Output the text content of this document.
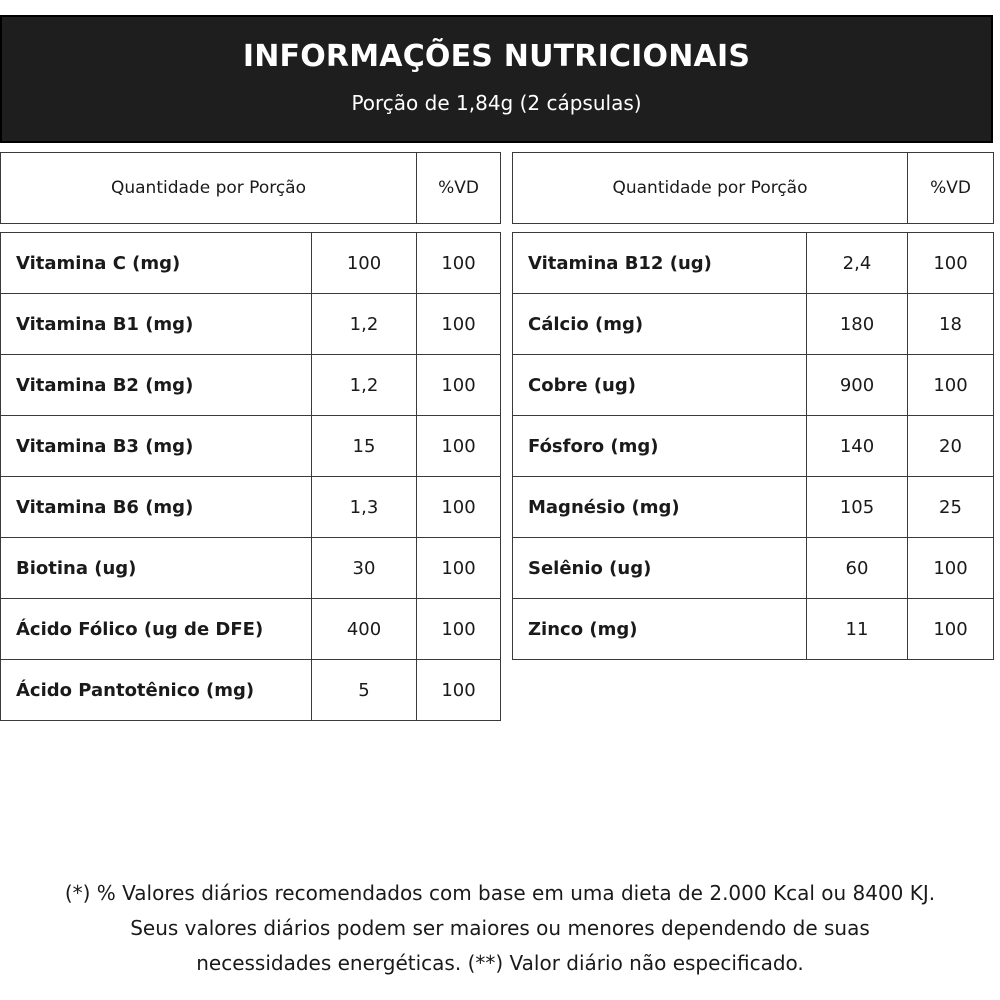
INFORMAÇÕES NUTRICIONAIS
Porção de 1,84g (2 cápsulas)
Quantidade por Porção	%VD	Quantidade por Porção	%VD
Vitamina C (mg)	100	100
Vitamina B1 (mg)	1,2	100
Vitamina B2 (mg)	1,2	100
Vitamina B3 (mg)	15	100
Vitamina B6 (mg)	1,3	100
Biotina (ug)	30	100
Ácido Fólico (ug de DFE)	400	100
Ácido Pantotênico (mg)	5	100
Vitamina B12 (ug)	2,4	100
Cálcio (mg)	180	18
Cobre (ug)	900	100
Fósforo (mg)	140	20
Magnésio (mg)	105	25
Selênio (ug)	60	100
Zinco (mg)	11	100
(*) % Valores diários recomendados com base em uma dieta de 2.000 Kcal ou 8400 KJ.
Seus valores diários podem ser maiores ou menores dependendo de suas
necessidades energéticas. (**) Valor diário não especificado.
